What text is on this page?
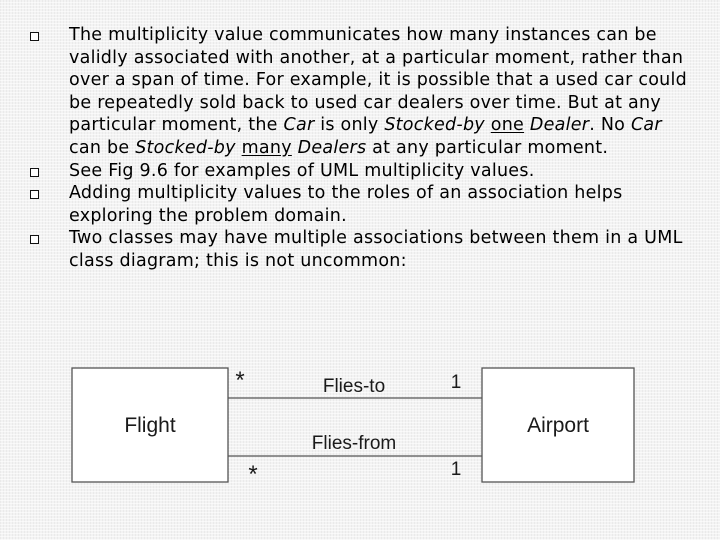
The multiplicity value communicates how many instances can be validly associated with another, at a particular moment, rather than over a span of time. For example, it is possible that a used car could be repeatedly sold back to used car dealers over time. But at any particular moment, the Car is only Stocked-by one Dealer. No Car can be Stocked-by many Dealers at any particular moment.
See Fig 9.6 for examples of UML multiplicity values.
Adding multiplicity values to the roles of an association helps exploring the problem domain.
Two classes may have multiple associations between them in a UML class diagram; this is not uncommon:
Flight	Airport
Flies-to
Flies-from
*	1
*	1
